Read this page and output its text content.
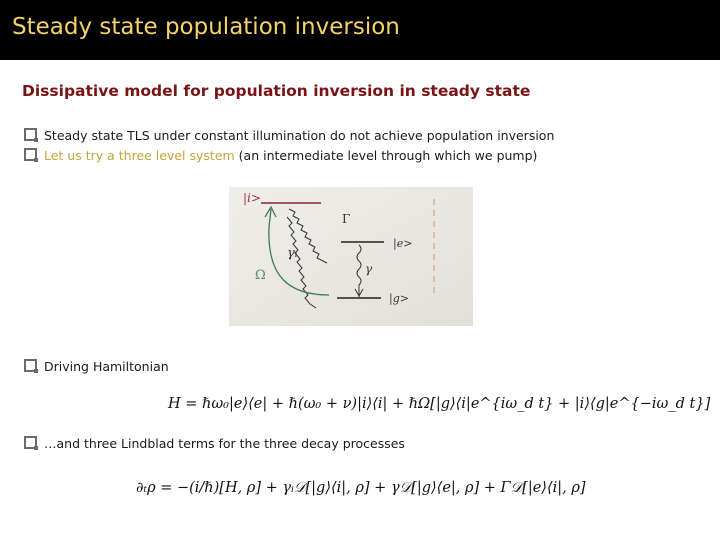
Steady state population inversion
Dissipative model for population inversion in steady state
Steady state TLS under constant illumination do not achieve population inversion
Let us try a three level system (an intermediate level through which we pump)
|i>
|e>
|g>
Γ
γᵢ
γ
Ω
Driving Hamiltonian
H = ℏω₀|e⟩⟨e| + ℏ(ω₀ + ν)|i⟩⟨i| + ℏΩ[|g⟩⟨i|e^{iω_d t} + |i⟩⟨g|e^{−iω_d t}]
…and three Lindblad terms for the three decay processes
∂ₜρ = −(i/ℏ)[H, ρ] + γᵢ𝒟[|g⟩⟨i|, ρ] + γ𝒟[|g⟩⟨e|, ρ] + Γ𝒟[|e⟩⟨i|, ρ]
